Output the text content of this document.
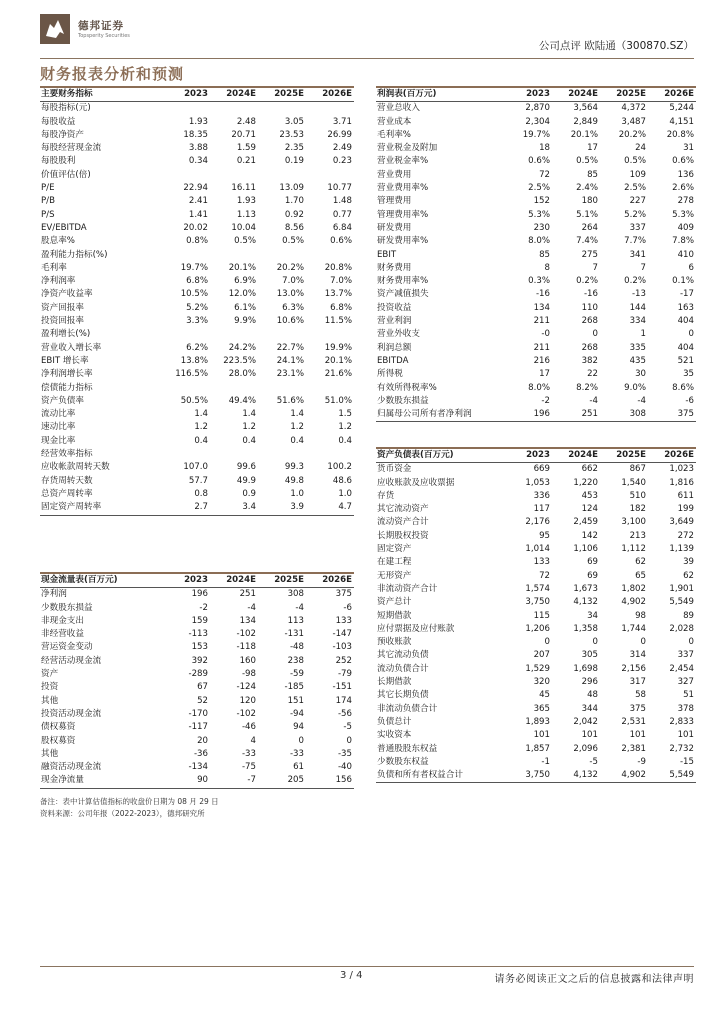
德邦证券
Topsperity Securities
公司点评 欧陆通（300870.SZ）
财务报表分析和预测
主要财务指标	2023	2024E	2025E	2026E
每股指标(元)				
每股收益	1.93	2.48	3.05	3.71
每股净资产	18.35	20.71	23.53	26.99
每股经营现金流	3.88	1.59	2.35	2.49
每股股利	0.34	0.21	0.19	0.23
价值评估(倍)				
P/E	22.94	16.11	13.09	10.77
P/B	2.41	1.93	1.70	1.48
P/S	1.41	1.13	0.92	0.77
EV/EBITDA	20.02	10.04	8.56	6.84
股息率%	0.8%	0.5%	0.5%	0.6%
盈利能力指标(%)				
毛利率	19.7%	20.1%	20.2%	20.8%
净利润率	6.8%	6.9%	7.0%	7.0%
净资产收益率	10.5%	12.0%	13.0%	13.7%
资产回报率	5.2%	6.1%	6.3%	6.8%
投资回报率	3.3%	9.9%	10.6%	11.5%
盈利增长(%)				
营业收入增长率	6.2%	24.2%	22.7%	19.9%
EBIT 增长率	13.8%	223.5%	24.1%	20.1%
净利润增长率	116.5%	28.0%	23.1%	21.6%
偿债能力指标				
资产负债率	50.5%	49.4%	51.6%	51.0%
流动比率	1.4	1.4	1.4	1.5
速动比率	1.2	1.2	1.2	1.2
现金比率	0.4	0.4	0.4	0.4
经营效率指标				
应收帐款周转天数	107.0	99.6	99.3	100.2
存货周转天数	57.7	49.9	49.8	48.6
总资产周转率	0.8	0.9	1.0	1.0
固定资产周转率	2.7	3.4	3.9	4.7
利润表(百万元)	2023	2024E	2025E	2026E
营业总收入	2,870	3,564	4,372	5,244
营业成本	2,304	2,849	3,487	4,151
毛利率%	19.7%	20.1%	20.2%	20.8%
营业税金及附加	18	17	24	31
营业税金率%	0.6%	0.5%	0.5%	0.6%
营业费用	72	85	109	136
营业费用率%	2.5%	2.4%	2.5%	2.6%
管理费用	152	180	227	278
管理费用率%	5.3%	5.1%	5.2%	5.3%
研发费用	230	264	337	409
研发费用率%	8.0%	7.4%	7.7%	7.8%
EBIT	85	275	341	410
财务费用	8	7	7	6
财务费用率%	0.3%	0.2%	0.2%	0.1%
资产减值损失	-16	-16	-13	-17
投资收益	134	110	144	163
营业利润	211	268	334	404
营业外收支	-0	0	1	0
利润总额	211	268	335	404
EBITDA	216	382	435	521
所得税	17	22	30	35
有效所得税率%	8.0%	8.2%	9.0%	8.6%
少数股东损益	-2	-4	-4	-6
归属母公司所有者净利润	196	251	308	375
资产负债表(百万元)	2023	2024E	2025E	2026E
货币资金	669	662	867	1,023
应收账款及应收票据	1,053	1,220	1,540	1,816
存货	336	453	510	611
其它流动资产	117	124	182	199
流动资产合计	2,176	2,459	3,100	3,649
长期股权投资	95	142	213	272
固定资产	1,014	1,106	1,112	1,139
在建工程	133	69	62	39
无形资产	72	69	65	62
非流动资产合计	1,574	1,673	1,802	1,901
资产总计	3,750	4,132	4,902	5,549
短期借款	115	34	98	89
应付票据及应付账款	1,206	1,358	1,744	2,028
预收账款	0	0	0	0
其它流动负债	207	305	314	337
流动负债合计	1,529	1,698	2,156	2,454
长期借款	320	296	317	327
其它长期负债	45	48	58	51
非流动负债合计	365	344	375	378
负债总计	1,893	2,042	2,531	2,833
实收资本	101	101	101	101
普通股股东权益	1,857	2,096	2,381	2,732
少数股东权益	-1	-5	-9	-15
负债和所有者权益合计	3,750	4,132	4,902	5,549
现金流量表(百万元)	2023	2024E	2025E	2026E
净利润	196	251	308	375
少数股东损益	-2	-4	-4	-6
非现金支出	159	134	113	133
非经营收益	-113	-102	-131	-147
营运资金变动	153	-118	-48	-103
经营活动现金流	392	160	238	252
资产	-289	-98	-59	-79
投资	67	-124	-185	-151
其他	52	120	151	174
投资活动现金流	-170	-102	-94	-56
债权募资	-117	-46	94	-5
股权募资	20	4	0	0
其他	-36	-33	-33	-35
融资活动现金流	-134	-75	61	-40
现金净流量	90	-7	205	156
备注：表中计算估值指标的收盘价日期为 08 月 29 日
资料来源：公司年报（2022-2023），德邦研究所
3 / 4	请务必阅读正文之后的信息披露和法律声明
